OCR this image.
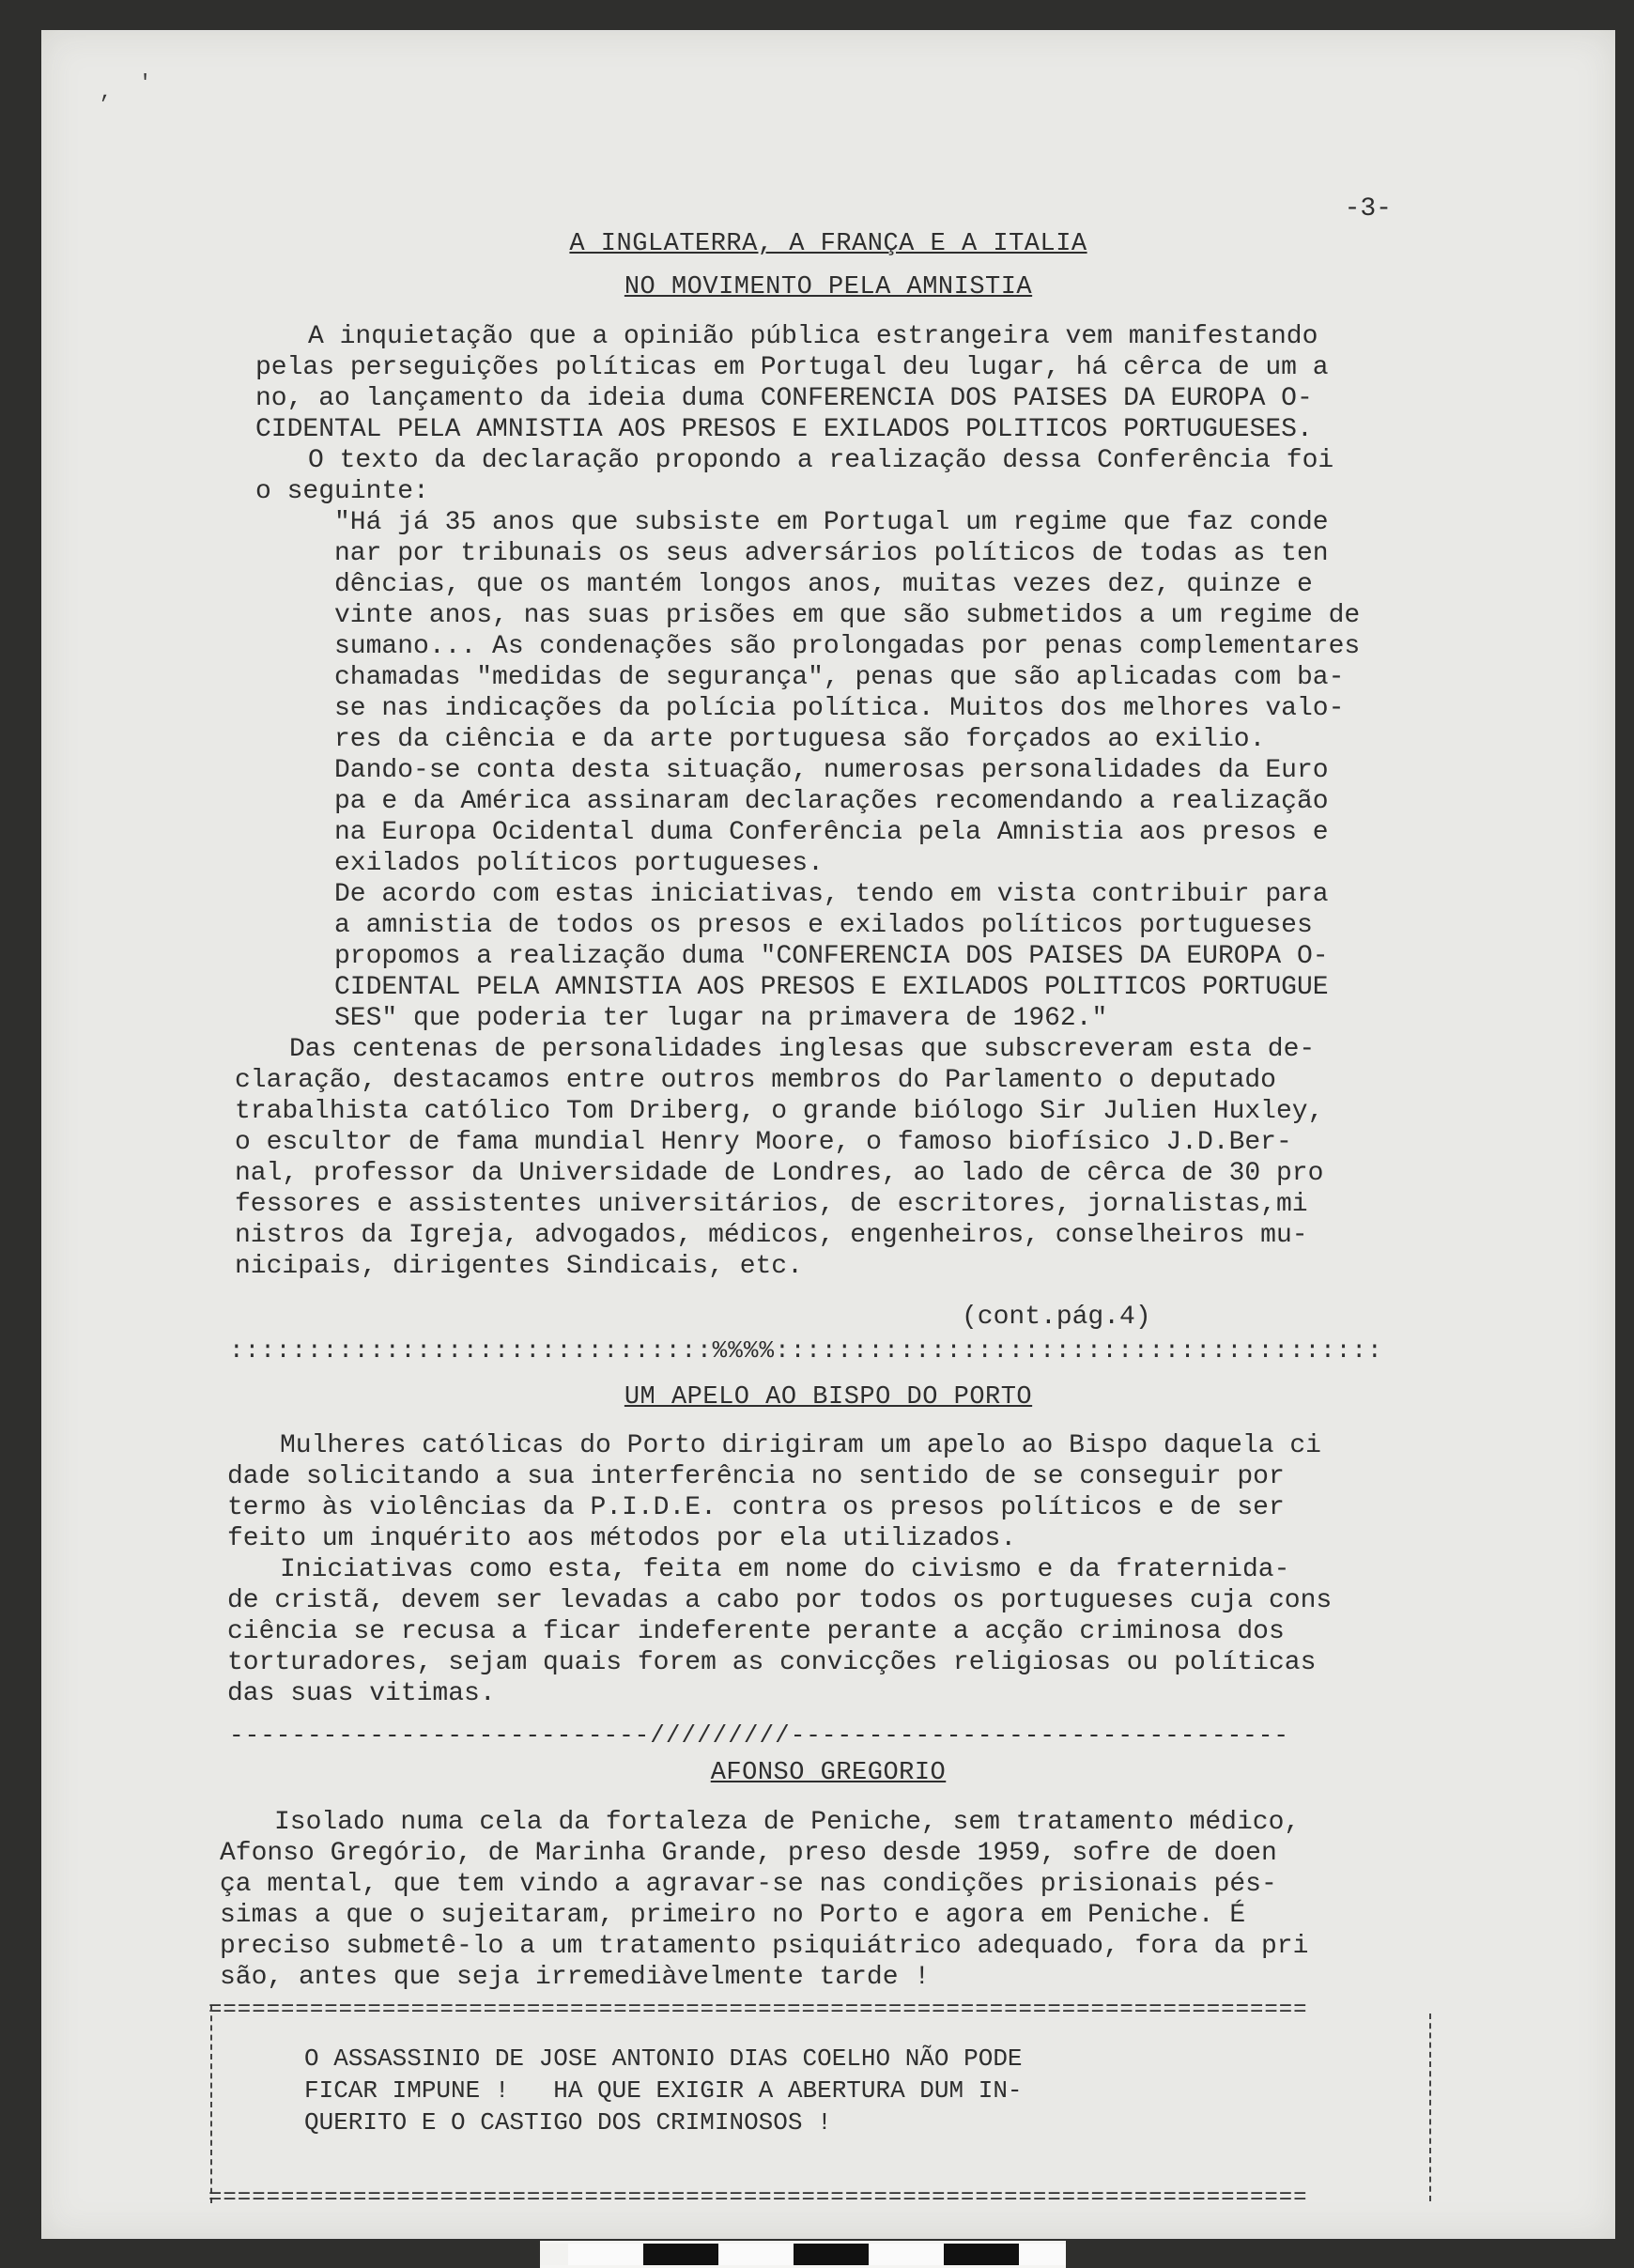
, '
-3-
A INGLATERRA, A FRANÇA E A ITALIA
NO MOVIMENTO PELA AMNISTIA
A inquietação que a opinião pública estrangeira vem manifestando
pelas perseguições políticas em Portugal deu lugar, há cêrca de um a
no, ao lançamento da ideia duma CONFERENCIA DOS PAISES DA EUROPA O-
CIDENTAL PELA AMNISTIA AOS PRESOS E EXILADOS POLITICOS PORTUGUESES.
O texto da declaração propondo a realização dessa Conferência foi
o seguinte:
"Há já 35 anos que subsiste em Portugal um regime que faz conde
nar por tribunais os seus adversários políticos de todas as ten
dências, que os mantém longos anos, muitas vezes dez, quinze e
vinte anos, nas suas prisões em que são submetidos a um regime de
sumano... As condenações são prolongadas por penas complementares
chamadas "medidas de segurança", penas que são aplicadas com ba-
se nas indicações da polícia política. Muitos dos melhores valo-
res da ciência e da arte portuguesa são forçados ao exilio.
Dando-se conta desta situação, numerosas personalidades da Euro
pa e da América assinaram declarações recomendando a realização
na Europa Ocidental duma Conferência pela Amnistia aos presos e
exilados políticos portugueses.
De acordo com estas iniciativas, tendo em vista contribuir para
a amnistia de todos os presos e exilados políticos portugueses
propomos a realização duma "CONFERENCIA DOS PAISES DA EUROPA O-
CIDENTAL PELA AMNISTIA AOS PRESOS E EXILADOS POLITICOS PORTUGUE
SES" que poderia ter lugar na primavera de 1962."
Das centenas de personalidades inglesas que subscreveram esta de-
claração, destacamos entre outros membros do Parlamento o deputado
trabalhista católico Tom Driberg, o grande biólogo Sir Julien Huxley,
o escultor de fama mundial Henry Moore, o famoso biofísico J.D.Ber-
nal, professor da Universidade de Londres, ao lado de cêrca de 30 pro
fessores e assistentes universitários, de escritores, jornalistas,mi
nistros da Igreja, advogados, médicos, engenheiros, conselheiros mu-
nicipais, dirigentes Sindicais, etc.
(cont.pág.4)
:::::::::::::::::::::::::::::::%%%%:::::::::::::::::::::::::::::::::::::::
UM APELO AO BISPO DO PORTO
Mulheres católicas do Porto dirigiram um apelo ao Bispo daquela ci
dade solicitando a sua interferência no sentido de se conseguir por
termo às violências da P.I.D.E. contra os presos políticos e de ser
feito um inquérito aos métodos por ela utilizados.
Iniciativas como esta, feita em nome do civismo e da fraternida-
de cristã, devem ser levadas a cabo por todos os portugueses cuja cons
ciência se recusa a ficar indeferente perante a acção criminosa dos
torturadores, sejam quais forem as convicções religiosas ou políticas
das suas vitimas.
---------------------------/////////--------------------------------
AFONSO GREGORIO
Isolado numa cela da fortaleza de Peniche, sem tratamento médico,
Afonso Gregório, de Marinha Grande, preso desde 1959, sofre de doen
ça mental, que tem vindo a agravar-se nas condições prisionais pés-
simas a que o sujeitaram, primeiro no Porto e agora em Peniche. É
preciso submetê-lo a um tratamento psiquiátrico adequado, fora da pri
são, antes que seja irremediàvelmente tarde !
============================================================================
O ASSASSINIO DE JOSE ANTONIO DIAS COELHO NÃO PODE
FICAR IMPUNE !   HA QUE EXIGIR A ABERTURA DUM IN-
QUERITO E O CASTIGO DOS CRIMINOSOS !
============================================================================
